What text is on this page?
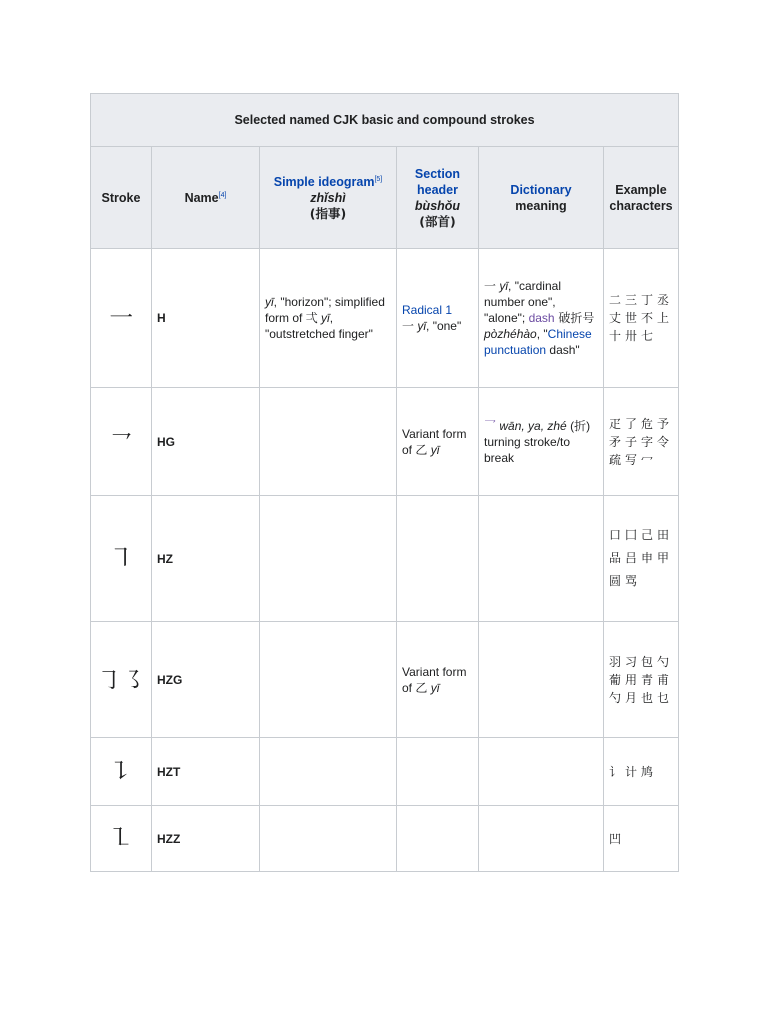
Selected named CJK basic and compound strokes					
Stroke	Name[4]	Simple ideogram[5]
zhǐshì
(指事)	Section header
bùshǒu
(部首)	Dictionary meaning	Example characters
㇐	H	yī, "horizon"; simplified form of 弌 yī, "outstretched finger"	Radical 1
一 yī, "one"	一 yī, "cardinal number one", "alone"; dash 破折号 pòzhéhào, "Chinese punctuation dash"	二三丁丞丈世不上十卅七
㇖	HG		Variant form of 乙 yī	乛 wān, ya, zhé (折) turning stroke/to break	疋了危予矛子字令疏写冖
㇕	HZ				口囗己田品吕申甲圆骂
㇆㇌	HZG		Variant form of 乙 yī		羽习包勺葡用青甫勺月也乜
㇊	HZT				讠计鸠
㇅	HZZ				凹
